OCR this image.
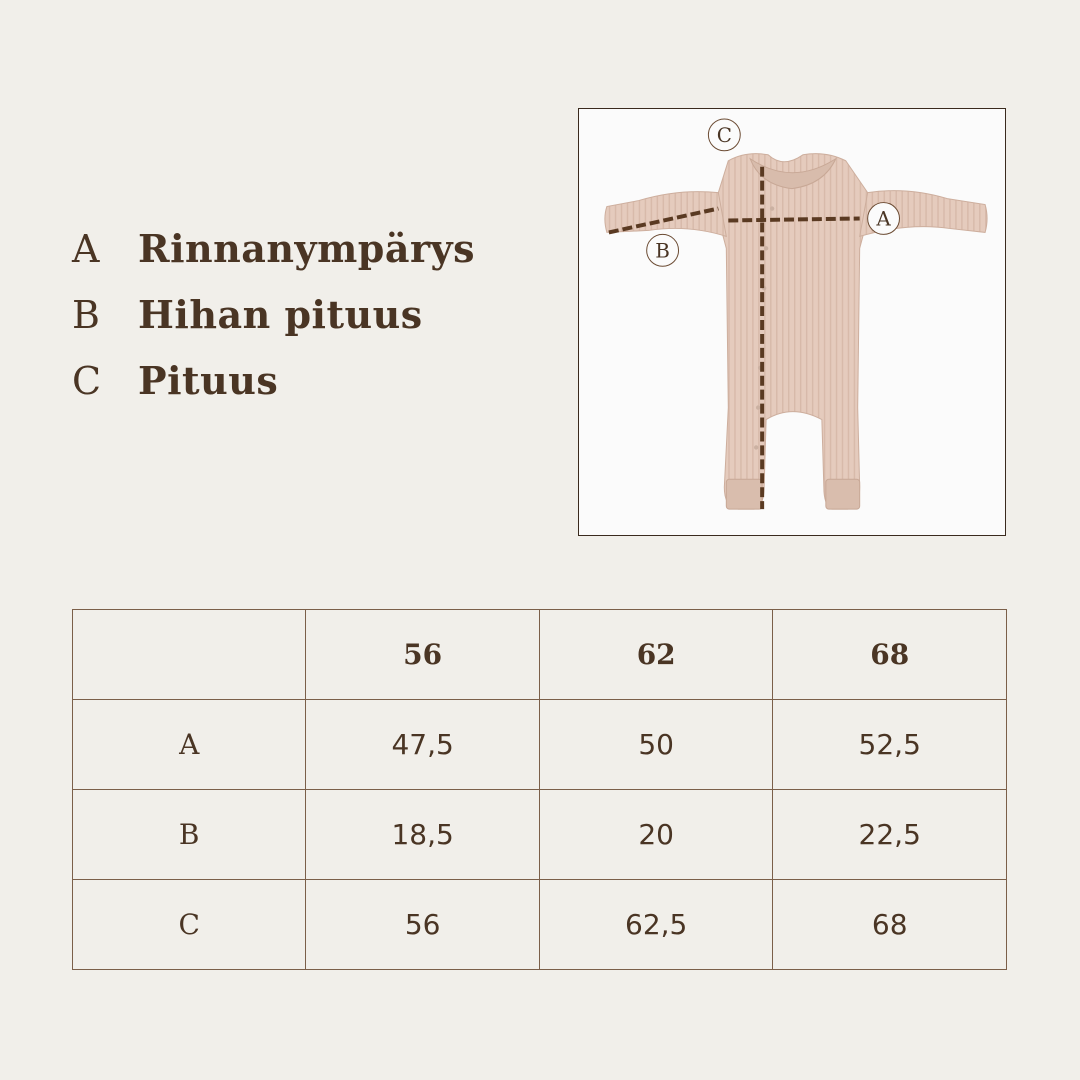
A	Rinnanympärys
B Hihan pituus
C Pituus
C
A
B
	56	62	68
A	47,5	50	52,5
B	18,5	20	22,5
C	56	62,5	68
